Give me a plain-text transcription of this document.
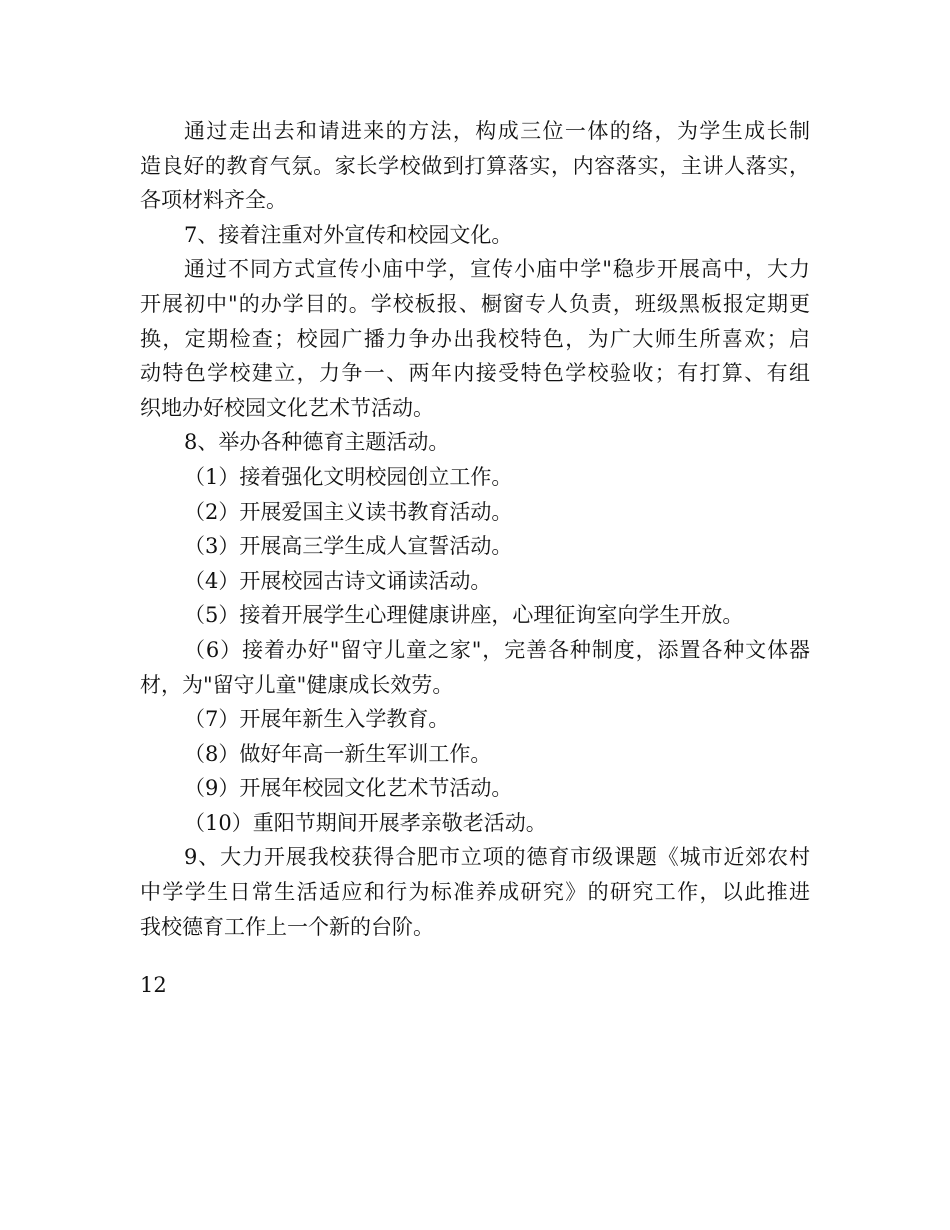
通过走出去和请进来的方法，构成三位一体的络，为学生成长制
造良好的教育气氛。家长学校做到打算落实，内容落实，主讲人落实，
各项材料齐全。
7、接着注重对外宣传和校园文化。
通过不同方式宣传小庙中学，宣传小庙中学"稳步开展高中，大力
开展初中"的办学目的。学校板报、橱窗专人负责，班级黑板报定期更
换，定期检查；校园广播力争办出我校特色，为广大师生所喜欢；启
动特色学校建立，力争一、两年内接受特色学校验收；有打算、有组
织地办好校园文化艺术节活动。
8、举办各种德育主题活动。
（1）接着强化文明校园创立工作。
（2）开展爱国主义读书教育活动。
（3）开展高三学生成人宣誓活动。
（4）开展校园古诗文诵读活动。
（5）接着开展学生心理健康讲座，心理征询室向学生开放。
（6）接着办好"留守儿童之家"，完善各种制度，添置各种文体器
材，为"留守儿童"健康成长效劳。
（7）开展年新生入学教育。
（8）做好年高一新生军训工作。
（9）开展年校园文化艺术节活动。
（10）重阳节期间开展孝亲敬老活动。
9、大力开展我校获得合肥市立项的德育市级课题《城市近郊农村
中学学生日常生活适应和行为标准养成研究》的研究工作，以此推进
我校德育工作上一个新的台阶。
12
